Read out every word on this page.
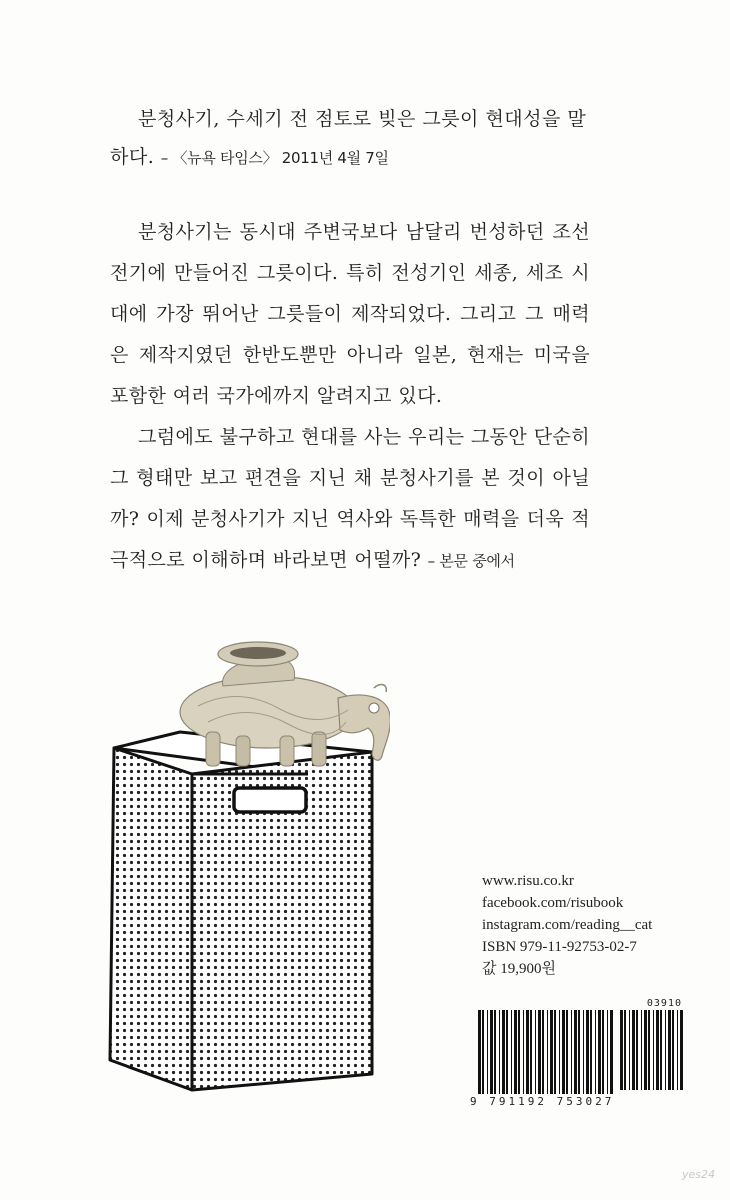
분청사기, 수세기 전 점토로 빚은 그릇이 현대성을 말하다. – 〈뉴욕 타임스〉 2011년 4월 7일

분청사기는 동시대 주변국보다 남달리 번성하던 조선 전기에 만들어진 그릇이다. 특히 전성기인 세종, 세조 시대에 가장 뛰어난 그릇들이 제작되었다. 그리고 그 매력은 제작지였던 한반도뿐만 아니라 일본, 현재는 미국을 포함한 여러 국가에까지 알려지고 있다.

그럼에도 불구하고 현대를 사는 우리는 그동안 단순히 그 형태만 보고 편견을 지닌 채 분청사기를 본 것이 아닐까? 이제 분청사기가 지닌 역사와 독특한 매력을 더욱 적극적으로 이해하며 바라보면 어떨까? – 본문 중에서

www.risu.co.kr
facebook.com/risubook
instagram.com/reading__cat
ISBN 979-11-92753-02-7
값 19,900원
03910
9 791192 753027
yes24
